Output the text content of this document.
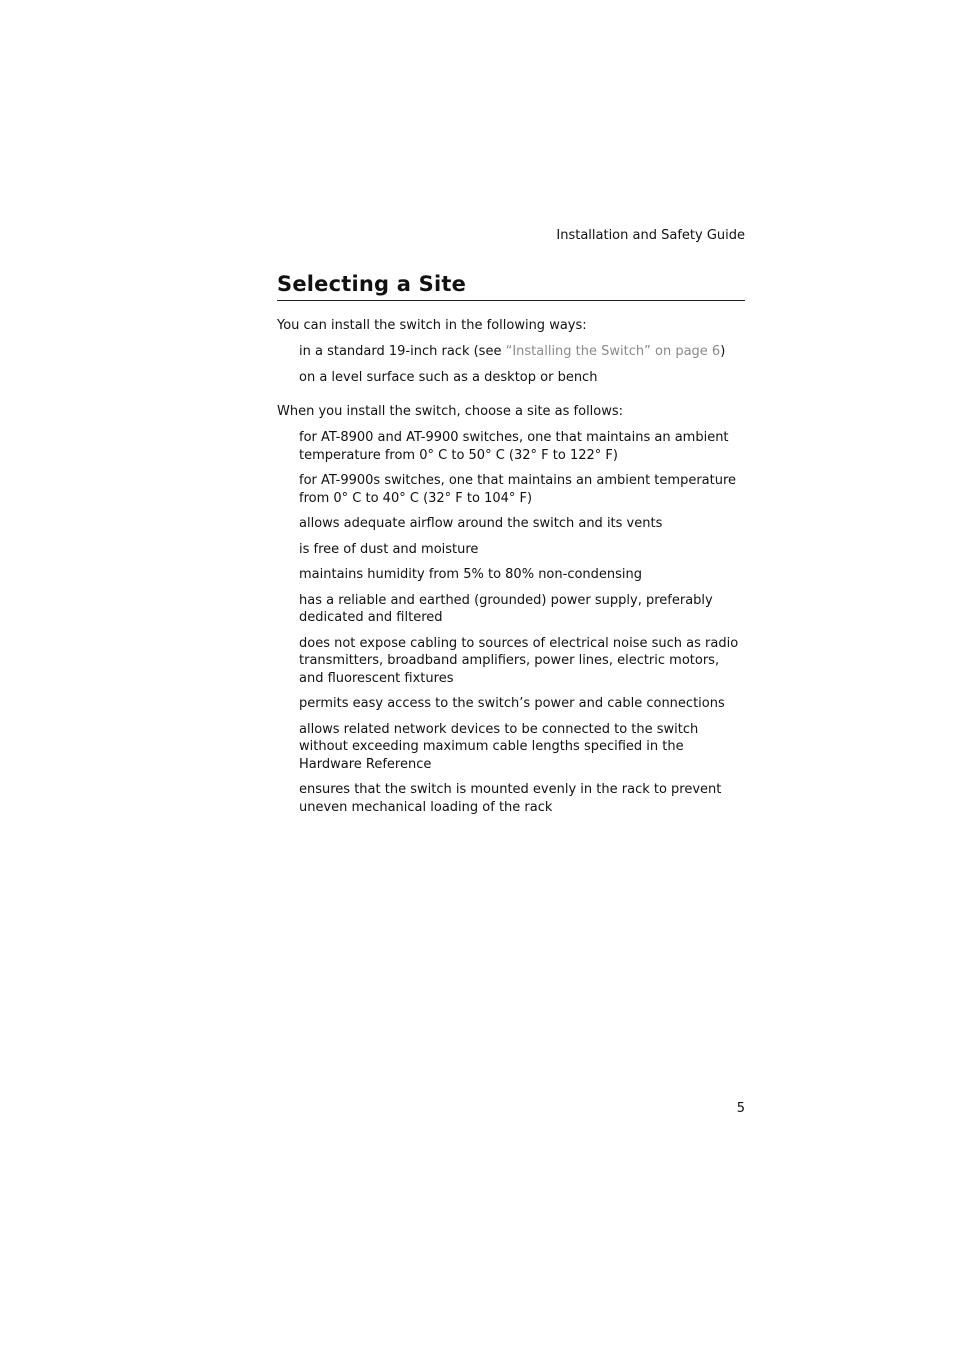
Installation and Safety Guide
Selecting a Site

You can install the switch in the following ways:

in a standard 19-inch rack (see “Installing the Switch” on page 6)
on a level surface such as a desktop or bench

When you install the switch, choose a site as follows:

for AT-8900 and AT-9900 switches, one that maintains an ambient temperature from 0° C to 50° C (32° F to 122° F)
for AT-9900s switches, one that maintains an ambient temperature from 0° C to 40° C (32° F to 104° F)
allows adequate airflow around the switch and its vents
is free of dust and moisture
maintains humidity from 5% to 80% non-condensing
has a reliable and earthed (grounded) power supply, preferably dedicated and filtered
does not expose cabling to sources of electrical noise such as radio transmitters, broadband amplifiers, power lines, electric motors, and fluorescent fixtures
permits easy access to the switch’s power and cable connections
allows related network devices to be connected to the switch without exceeding maximum cable lengths specified in the Hardware Reference
ensures that the switch is mounted evenly in the rack to prevent uneven mechanical loading of the rack
5
